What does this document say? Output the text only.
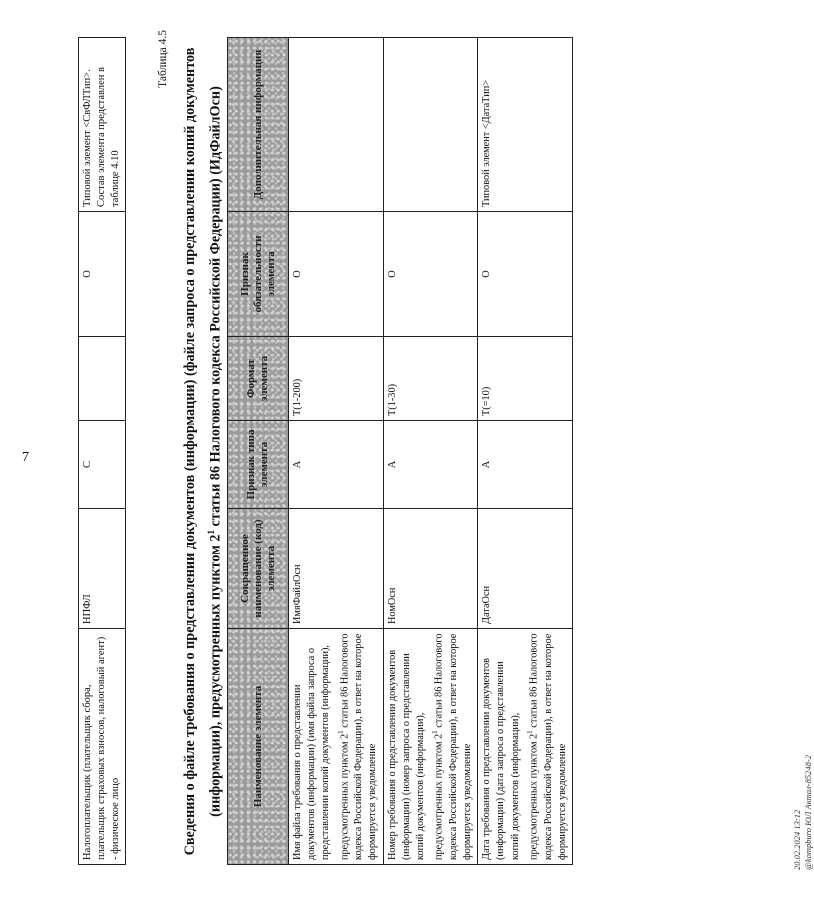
7
Налогоплательщик (плательщик сбора, плательщик страховых взносов, налоговый агент) - физическое лицо	НПФЛ	С		О	Типовой элемент <СвФЛТип>. Состав элемента представлен в таблице 4.10
Таблица 4.5 Сведения о файле требования о представлении документов (информации) (файле запроса о представлении копий документов (информации), предусмотренных пунктом $2^1$ статьи 86 Налогового кодекса Российской Федерации) (ИдФайлОсн)
Наименование элемента	Сокращенное наименование (код) элемента	Признак типа элемента	Формат элемента	Признак обязательности элемента	Дополнительная информация
Имя файла требования о представлении документов (информации) (имя файла запроса о представлении копий документов (информации), предусмотренных пунктом $2^1$ статьи 86 Налогового кодекса Российской Федерации), в ответ на которое формируется уведомление	ИмяФайлОсн	А	T(1-200)	О	
Номер требования о представлении документов (информации) (номер запроса о представлении копий документов (информации), предусмотренных пунктом $2^1$ статьи 86 Налогового кодекса Российской Федерации), в ответ на которое формируется уведомление	НомОсн	А	T(1-30)	О	
Дата требования о представлении документов (информации) (дата запроса о представлении копий документов (информации), предусмотренных пунктом $2^1$ статьи 86 Налогового кодекса Российской Федерации), в ответ на которое формируется уведомление	ДатаОсн	А	T(=10)	О	Типовой элемент <ДатаТип>
20.02.2024 13:12 @kompburo ЮЛ Актал-85248-2
